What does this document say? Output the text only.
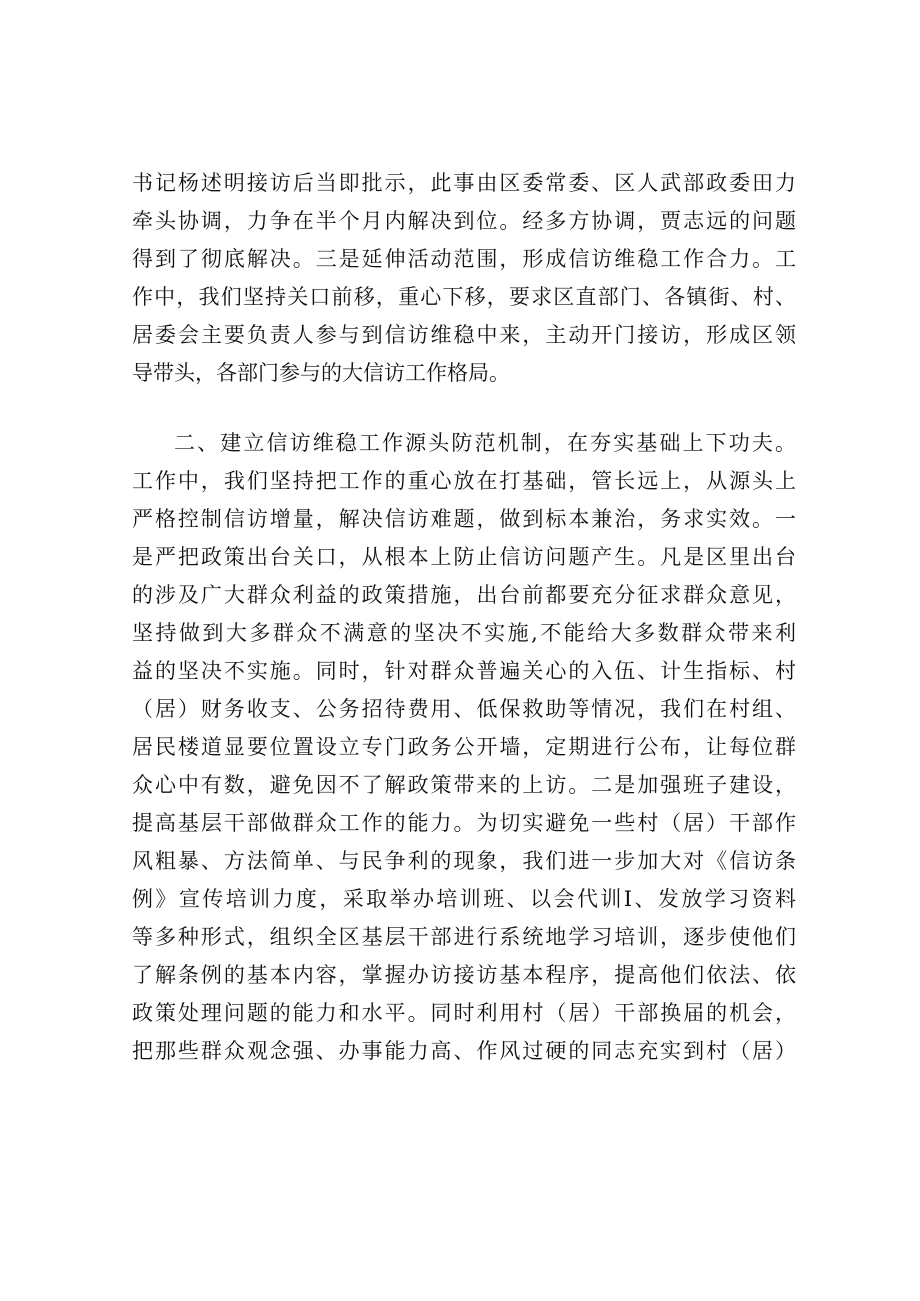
书记杨述明接访后当即批示，此事由区委常委、区人武部政委田力
牵头协调，力争在半个月内解决到位。经多方协调，贾志远的问题
得到了彻底解决。三是延伸活动范围，形成信访维稳工作合力。工
作中，我们坚持关口前移，重心下移，要求区直部门、各镇街、村、
居委会主要负责人参与到信访维稳中来，主动开门接访，形成区领
导带头，各部门参与的大信访工作格局。
二、建立信访维稳工作源头防范机制，在夯实基础上下功夫。
工作中，我们坚持把工作的重心放在打基础，管长远上，从源头上
严格控制信访增量，解决信访难题，做到标本兼治，务求实效。一
是严把政策出台关口，从根本上防止信访问题产生。凡是区里出台
的涉及广大群众利益的政策措施，出台前都要充分征求群众意见，
坚持做到大多群众不满意的坚决不实施,不能给大多数群众带来利
益的坚决不实施。同时，针对群众普遍关心的入伍、计生指标、村
（居）财务收支、公务招待费用、低保救助等情况，我们在村组、
居民楼道显要位置设立专门政务公开墙，定期进行公布，让每位群
众心中有数，避免因不了解政策带来的上访。二是加强班子建设，
提高基层干部做群众工作的能力。为切实避免一些村（居）干部作
风粗暴、方法简单、与民争利的现象，我们进一步加大对《信访条
例》宣传培训力度，采取举办培训班、以会代训I、发放学习资料
等多种形式，组织全区基层干部进行系统地学习培训，逐步使他们
了解条例的基本内容，掌握办访接访基本程序，提高他们依法、依
政策处理问题的能力和水平。同时利用村（居）干部换届的机会，
把那些群众观念强、办事能力高、作风过硬的同志充实到村（居）
